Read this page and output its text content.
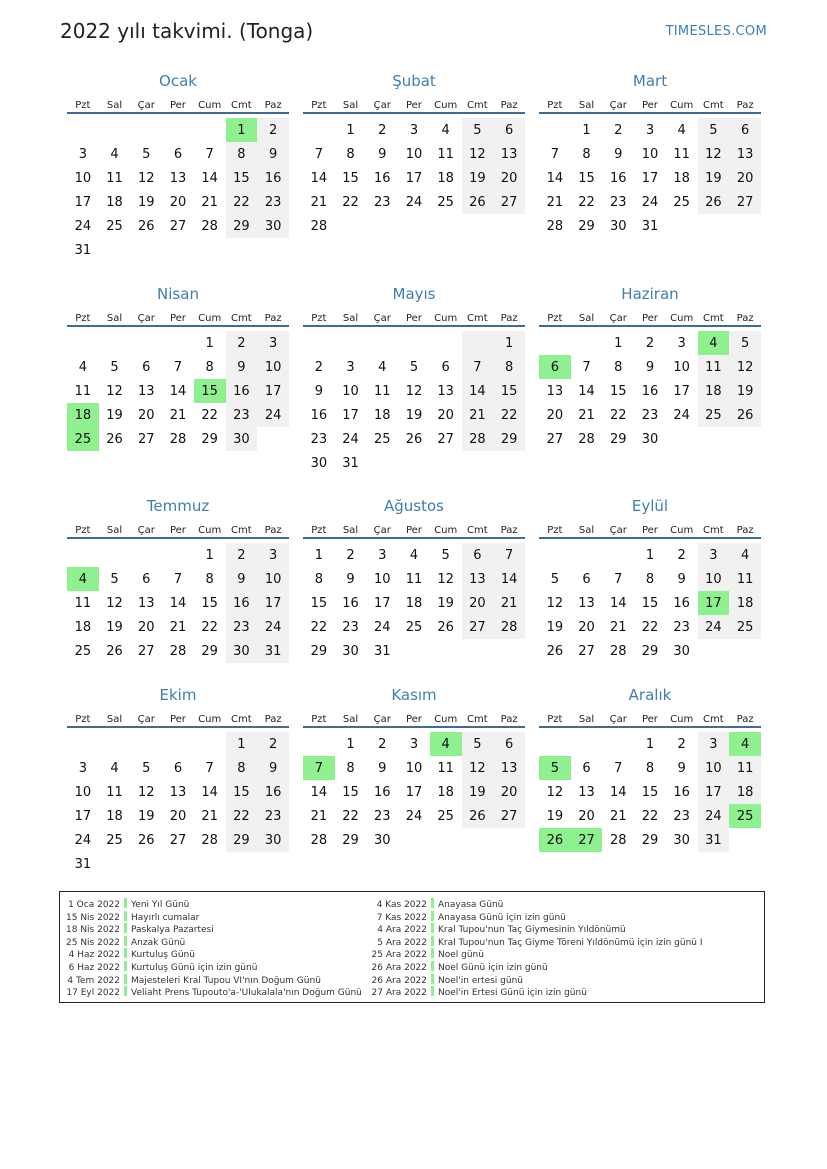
2022 yılı takvimi. (Tonga)	TIMESLES.COM
Ocak
Pzt	Sal	Çar	Per	Cum	Cmt	Paz

					1	2
3	4	5	6	7	8	9
10	11	12	13	14	15	16
17	18	19	20	21	22	23
24	25	26	27	28	29	30
31						
Şubat
Pzt	Sal	Çar	Per	Cum	Cmt	Paz

	1	2	3	4	5	6
7	8	9	10	11	12	13
14	15	16	17	18	19	20
21	22	23	24	25	26	27
28						
Mart
Pzt	Sal	Çar	Per	Cum	Cmt	Paz

	1	2	3	4	5	6
7	8	9	10	11	12	13
14	15	16	17	18	19	20
21	22	23	24	25	26	27
28	29	30	31			
Nisan
Pzt	Sal	Çar	Per	Cum	Cmt	Paz

				1	2	3
4	5	6	7	8	9	10
11	12	13	14	15	16	17
18	19	20	21	22	23	24
25	26	27	28	29	30	
Mayıs
Pzt	Sal	Çar	Per	Cum	Cmt	Paz

						1
2	3	4	5	6	7	8
9	10	11	12	13	14	15
16	17	18	19	20	21	22
23	24	25	26	27	28	29
30	31					
Haziran
Pzt	Sal	Çar	Per	Cum	Cmt	Paz

		1	2	3	4	5
6	7	8	9	10	11	12
13	14	15	16	17	18	19
20	21	22	23	24	25	26
27	28	29	30			
Temmuz
Pzt	Sal	Çar	Per	Cum	Cmt	Paz

				1	2	3
4	5	6	7	8	9	10
11	12	13	14	15	16	17
18	19	20	21	22	23	24
25	26	27	28	29	30	31
Ağustos
Pzt	Sal	Çar	Per	Cum	Cmt	Paz

1	2	3	4	5	6	7
8	9	10	11	12	13	14
15	16	17	18	19	20	21
22	23	24	25	26	27	28
29	30	31				
Eylül
Pzt	Sal	Çar	Per	Cum	Cmt	Paz

			1	2	3	4
5	6	7	8	9	10	11
12	13	14	15	16	17	18
19	20	21	22	23	24	25
26	27	28	29	30		
Ekim
Pzt	Sal	Çar	Per	Cum	Cmt	Paz

					1	2
3	4	5	6	7	8	9
10	11	12	13	14	15	16
17	18	19	20	21	22	23
24	25	26	27	28	29	30
31						
Kasım
Pzt	Sal	Çar	Per	Cum	Cmt	Paz

	1	2	3	4	5	6
7	8	9	10	11	12	13
14	15	16	17	18	19	20
21	22	23	24	25	26	27
28	29	30				
Aralık
Pzt	Sal	Çar	Per	Cum	Cmt	Paz

			1	2	3	4
5	6	7	8	9	10	11
12	13	14	15	16	17	18
19	20	21	22	23	24	25
26	27	28	29	30	31	
1 Oca 2022 Yeni Yıl Günü
15 Nis 2022 Hayırlı cumalar
18 Nis 2022 Paskalya Pazartesi
25 Nis 2022 Anzak Günü
4 Haz 2022 Kurtuluş Günü
6 Haz 2022 Kurtuluş Günü için izin günü
4 Tem 2022 Majesteleri Kral Tupou VI'nın Doğum Günü
17 Eyl 2022 Veliaht Prens Tupouto'a-'Ulukalala'nın Doğum Günü
4 Kas 2022 Anayasa Günü
7 Kas 2022 Anayasa Günü için izin günü
4 Ara 2022 Kral Tupou'nun Taç Giymesinin Yıldönümü
5 Ara 2022 Kral Tupou'nun Taç Giyme Töreni Yıldönümü için izin günü I
25 Ara 2022 Noel günü
26 Ara 2022 Noel Günü için izin günü
26 Ara 2022 Noel'in ertesi günü
27 Ara 2022 Noel'in Ertesi Günü için izin günü
